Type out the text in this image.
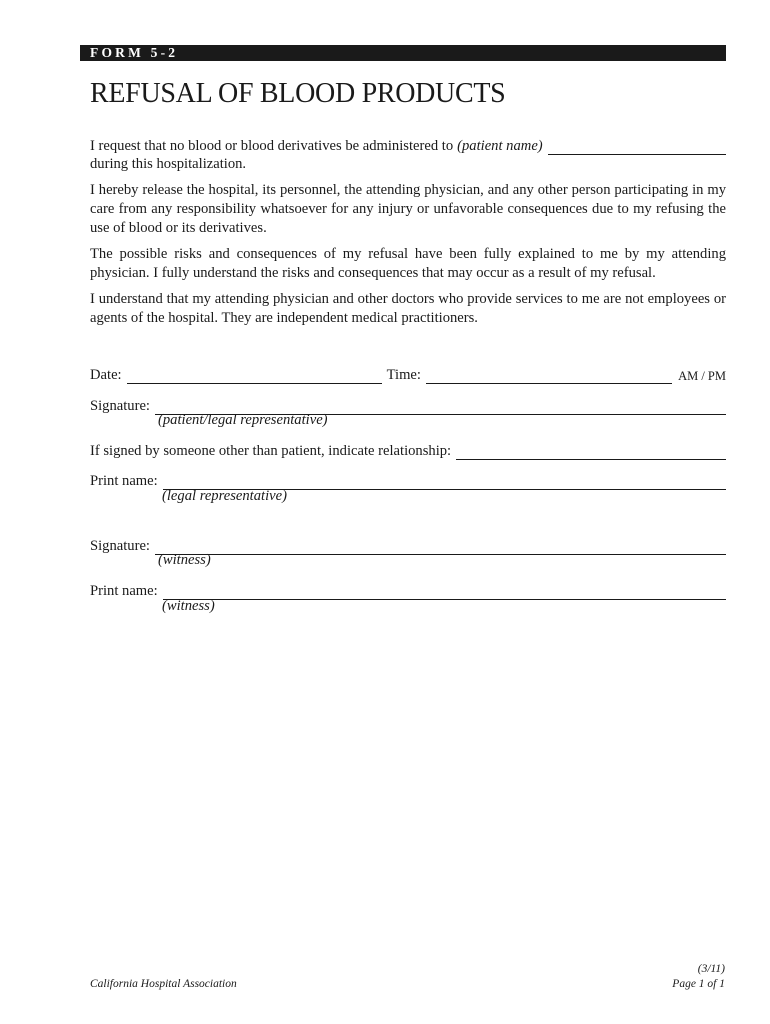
FORM 5-2
REFUSAL OF BLOOD PRODUCTS
I request that no blood or blood derivatives be administered to (patient name)
during this hospitalization.
I hereby release the hospital, its personnel, the attending physician, and any other person participating in my care from any responsibility whatsoever for any injury or unfavorable consequences due to my refusing the use of blood or its derivatives.
The possible risks and consequences of my refusal have been fully explained to me by my attending physician. I fully understand the risks and consequences that may occur as a result of my refusal.
I understand that my attending physician and other doctors who provide services to me are not employees or agents of the hospital. They are independent medical practitioners.
Date:	Time:	AM / PM
Signature:
(patient/legal representative)
If signed by someone other than patient, indicate relationship:
Print name:
(legal representative)
Signature:
(witness)
Print name:
(witness)
California Hospital Association
(3/11)
Page 1 of 1
